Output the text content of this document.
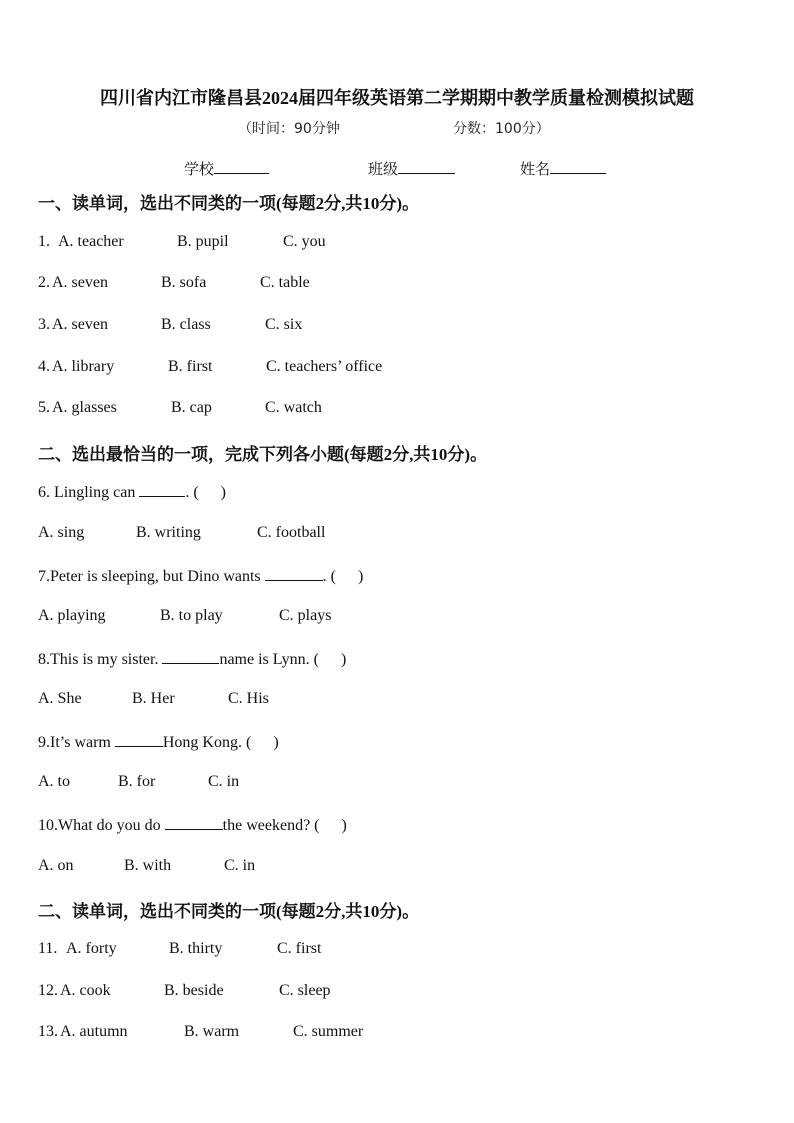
四川省内江市隆昌县2024届四年级英语第二学期期中教学质量检测模拟试题
（时间：90分钟	分数：100分）
学校	班级	姓名
一、读单词，选出不同类的一项(每题2分,共10分)。
1. A. teacher	B. pupil	C. you
2. A. seven	B. sofa	C. table
3. A. seven	B. class	C. six
4. A. library	B. first	C. teachers’ office
5. A. glasses	B. cap	C. watch
二、选出最恰当的一项，完成下列各小题(每题2分,共10分)。
6. Lingling can	. ( )
A. sing	B. writing	C. football
7.Peter is sleeping, but Dino wants	. ( )
A. playing	B. to play	C. plays
8.This is my sister.	name is Lynn. ( )
A. She	B. Her	C. His
9.It’s warm	Hong Kong. ( )
A. to	B. for	C. in
10.What do you do	the weekend? ( )
A. on	B. with	C. in
二、读单词，选出不同类的一项(每题2分,共10分)。
11. A. forty	B. thirty	C. first
12. A. cook	B. beside	C. sleep
13. A. autumn	B. warm	C. summer
